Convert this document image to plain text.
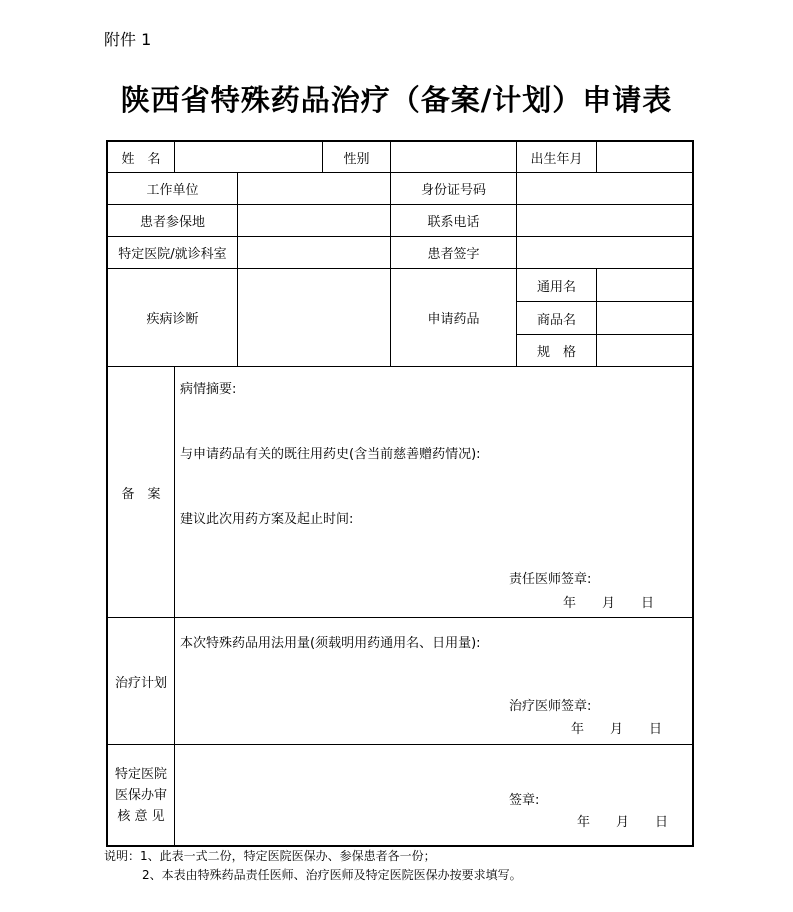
附件 1
陕西省特殊药品治疗（备案/计划）申请表
姓　名	性别	出生年月
工作单位	身份证号码
患者参保地	联系电话
特定医院/就诊科室	患者签字
疾病诊断	申请药品
通用名
商品名
规　格
备　案
病情摘要:
与申请药品有关的既往用药史(含当前慈善赠药情况):
建议此次用药方案及起止时间:
责任医师签章:
年　　月　　日
治疗计划
本次特殊药品用法用量(须载明用药通用名、日用量):
治疗医师签章:
年　　月　　日
特定医院
医保办审
核 意 见
签章:
年　　月　　日
说明：1、此表一式二份，特定医院医保办、参保患者各一份；
2、本表由特殊药品责任医师、治疗医师及特定医院医保办按要求填写。
